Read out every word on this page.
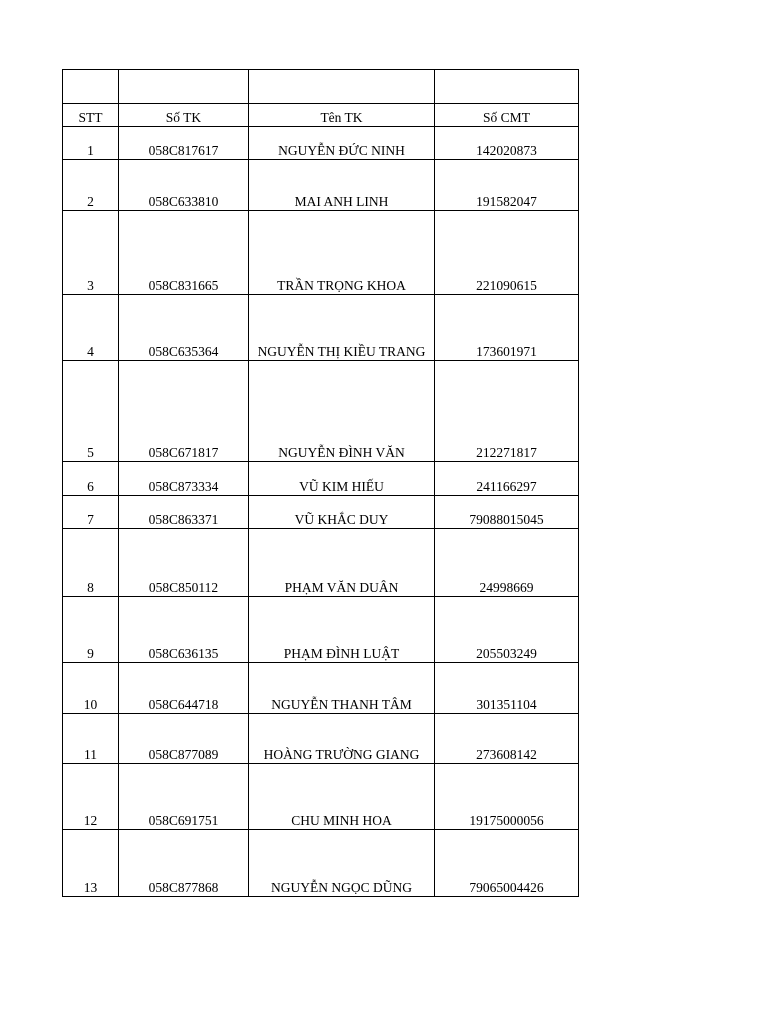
STT	Số TK	Tên TK	Số CMT
1	058C817617	NGUYỄN ĐỨC NINH	142020873
2	058C633810	MAI ANH LINH	191582047
3	058C831665	TRẦN TRỌNG KHOA	221090615
4	058C635364	NGUYỄN THỊ KIỀU TRANG	173601971
5	058C671817	NGUYỄN ĐÌNH VĂN	212271817
6	058C873334	VŨ KIM HIẾU	241166297
7	058C863371	VŨ KHẮC DUY	79088015045
8	058C850112	PHẠM VĂN DUÂN	24998669
9	058C636135	PHẠM ĐÌNH LUẬT	205503249
10	058C644718	NGUYỄN THANH TÂM	301351104
11	058C877089	HOÀNG TRƯỜNG GIANG	273608142
12	058C691751	CHU MINH HOA	19175000056
13	058C877868	NGUYỄN NGỌC DŨNG	79065004426
